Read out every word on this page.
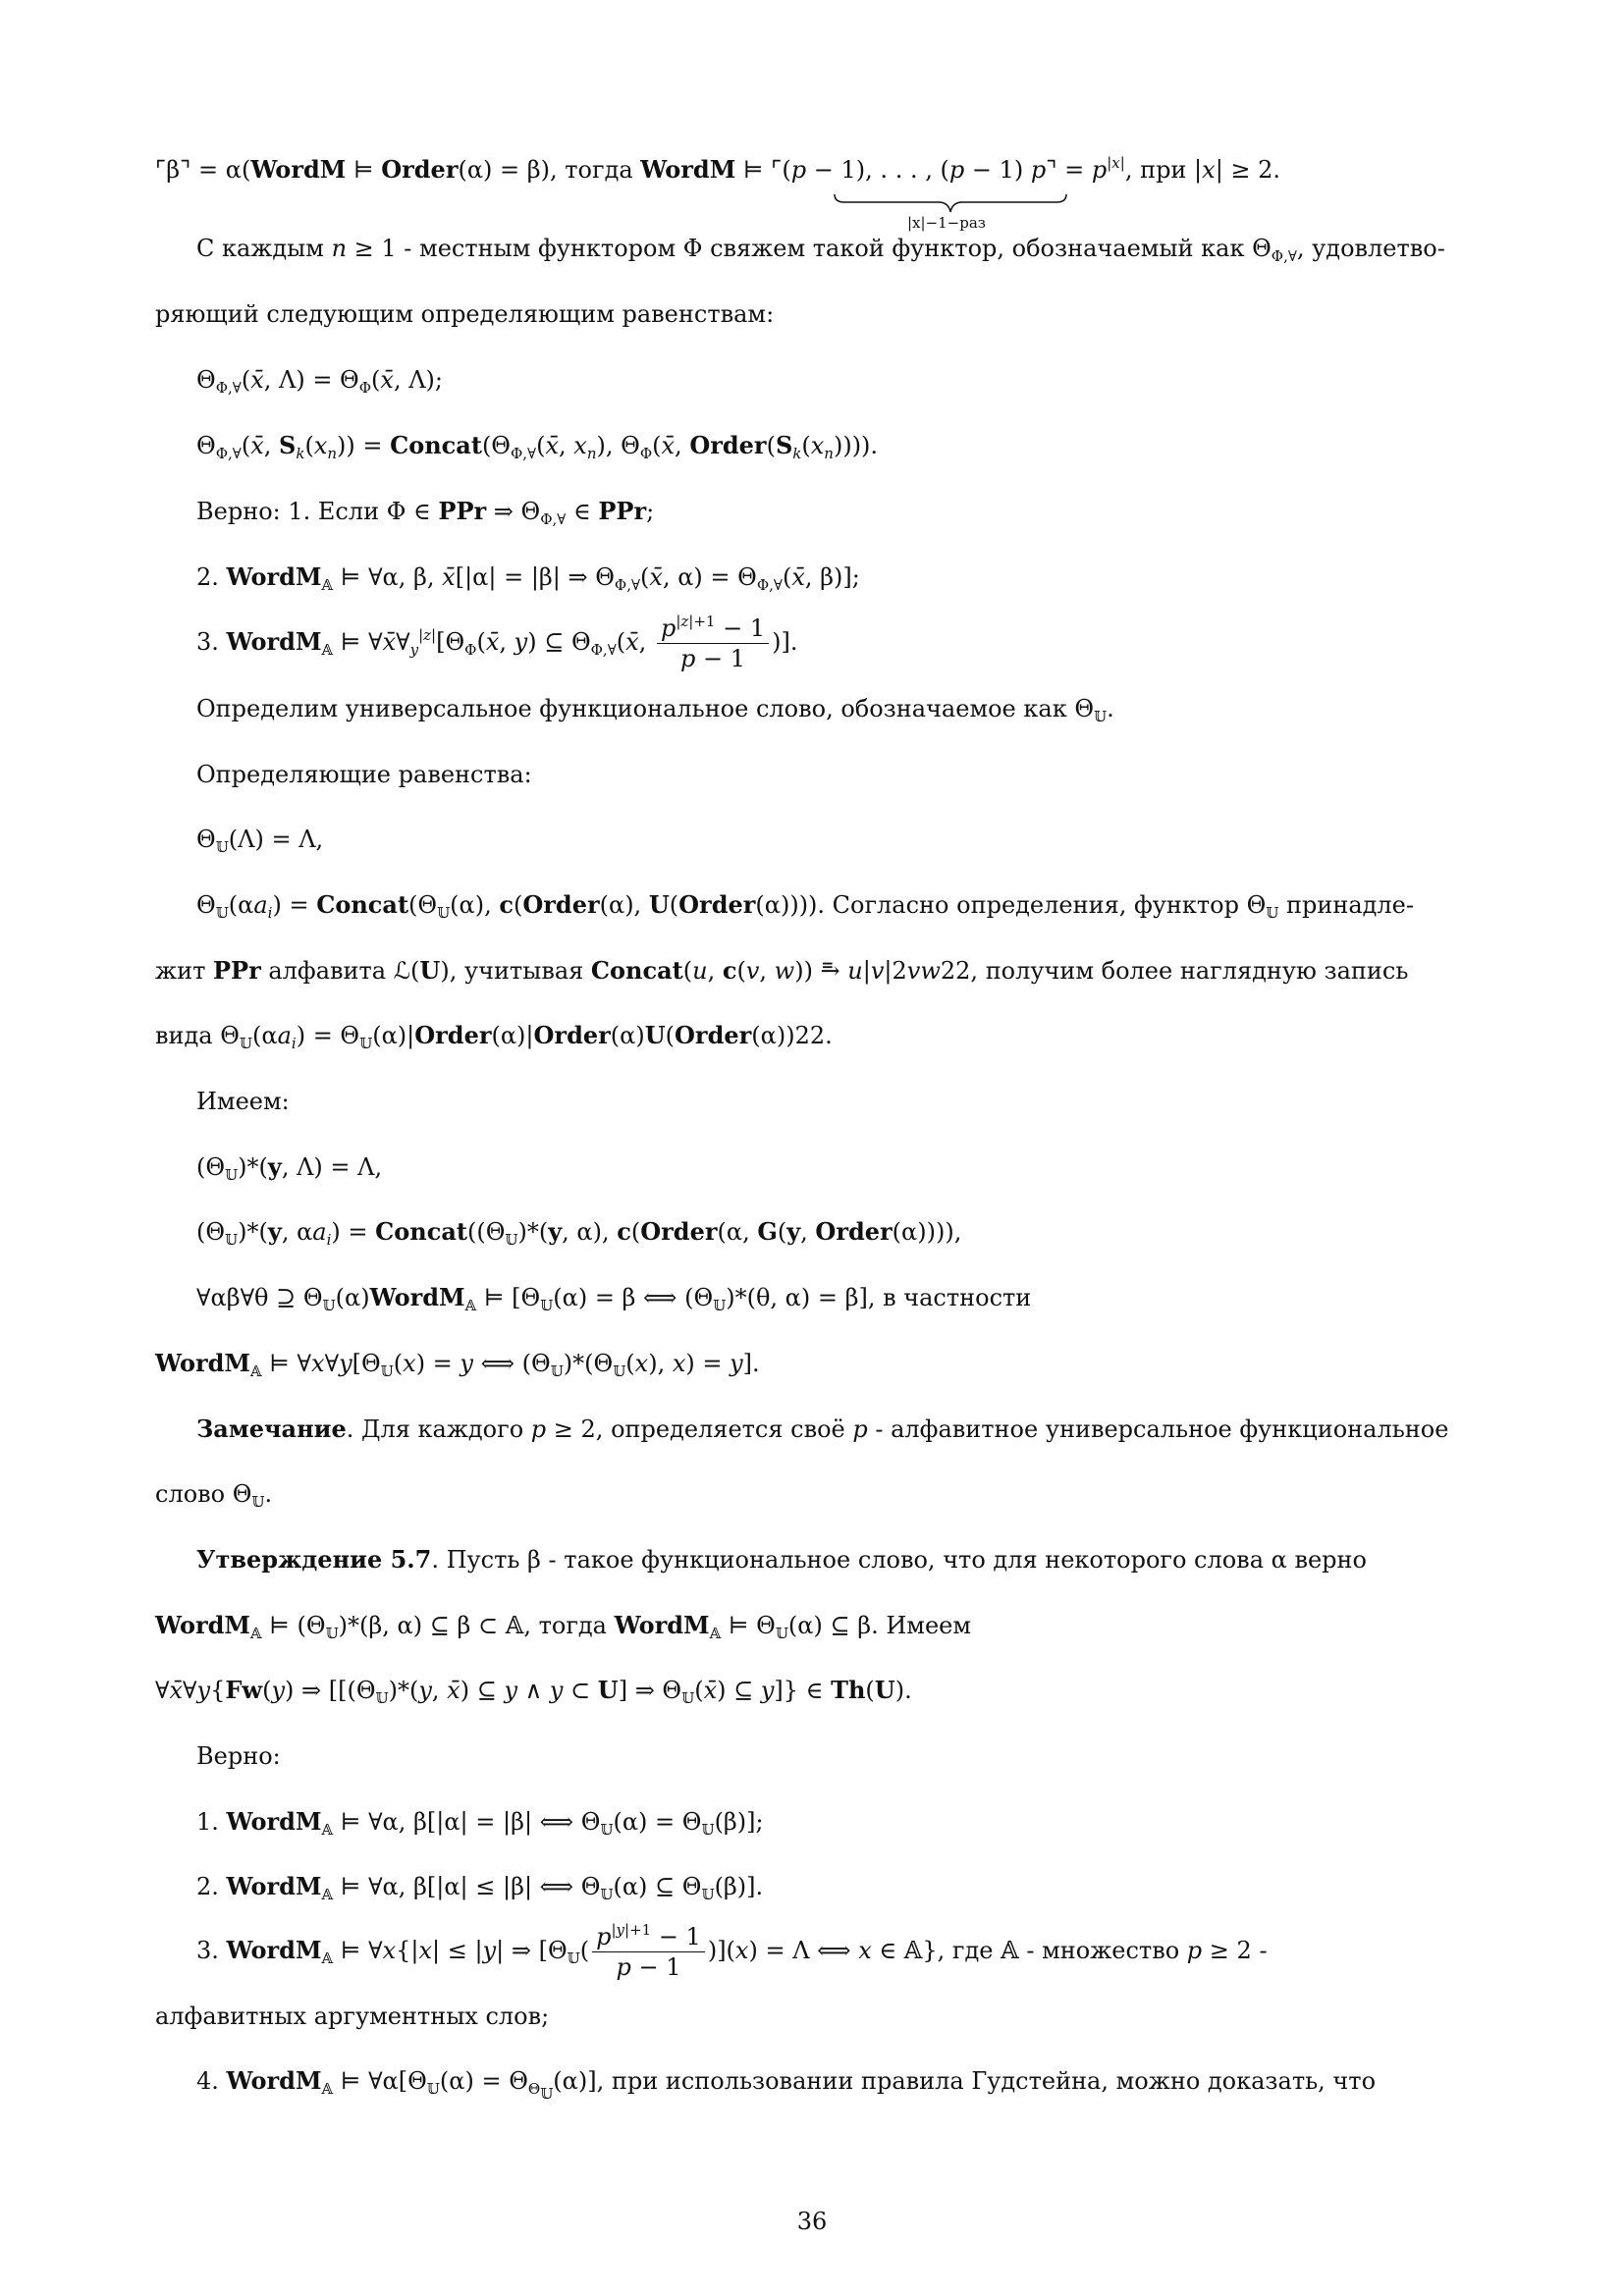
⌜β⌝ = α(WordM ⊨ Order(α) = β), тогда WordM ⊨ ⌜(p − 1), . . . , (p − 1) p⌝ = $p^{|x|}$, при |x| ≥ 2.
|x|−1−раз
С каждым n ≥ 1 - местным функтором Φ свяжем такой функтор, обозначаемый как $\Theta_{\Phi,\forall}$, удовлетво-
ряющий следующим определяющим равенствам:
$\Theta_{\Phi,\forall}(x̄$, $\Lambda) = \Theta_\Phi(x̄$, Λ);
$\Theta_{\Phi,\forall}(x̄$, $S_k(x_n)$) = $Concat(\Theta_{\Phi,\forall}(x̄$, $x_n$), $\Theta_\Phi(x̄$, $Order(S_k(x_n))$)).
Верно: 1. Если Φ ∈ PPr ⇒ $\Theta_{\Phi,\forall}$ ∈ PPr;
2. WordM$_𝔸$ ⊨ ∀α, β, x̄[|α| = |β| ⇒ $\Theta_{\Phi,\forall}(x̄$, $\alpha) = \Theta_{\Phi,\forall}(x̄$, β)];
3. WordM$_𝔸$ ⊨ $\forall x̄\forall_y^{|z|}[\Theta_\Phi(x̄$, y) ⊆ $\Theta_{\Phi,\forall}(x̄$, $\frac{p^{|z|+1} - 1}{p - 1}$ )].
Определим универсальное функциональное слово, обозначаемое как $\Theta_𝕌$.
Определяющие равенства:
$\Theta_𝕌(\Lambda) = \Lambda$,
$\Theta_𝕌(\alpha a_i)$ = $Concat(\Theta_𝕌(\alpha)$, c(Order(α), U(Order(α)))). Согласно определения, функтор $\Theta_𝕌$ принадле-
жит PPr алфавита ℒ(U), учитывая Concat(u, c(v, w)) ⥱ u|v|2vw22, получим более наглядную запись
вида $\Theta_𝕌(\alpha a_i)$ = $\Theta_𝕌(\alpha)|Order(\alpha)|Order(\alpha)U(Order(\alpha))22$.
Имеем:
$(\Theta_𝕌)*(y$, Λ) = Λ,
$(\Theta_𝕌)*(y$, $\alpha a_i$) = $Concat((\Theta_𝕌)*(y$, α), c(Order(α, G(y, Order(α)))),
∀αβ∀θ ⊇ $\Theta_𝕌(\alpha)WordM_𝔸$ ⊨ [$\Theta_𝕌(\alpha) = \beta$ ⟺ $(\Theta_𝕌)*(\theta$, α) = β], в частности
WordM$_𝔸$ ⊨ $\forall x\forall y[\Theta_𝕌(x) = y$ ⟺ $(\Theta_𝕌)*(\Theta_𝕌(x)$, x) = y].
Замечание. Для каждого p ≥ 2, определяется своё p - алфавитное универсальное функциональное
слово $\Theta_𝕌$.
Утверждение 5.7. Пусть β - такое функциональное слово, что для некоторого слова α верно
WordM$_𝔸$ ⊨ $(\Theta_𝕌)*(\beta$, α) ⊆ β ⊂ 𝔸, тогда WordM$_𝔸$ ⊨ $\Theta_𝕌(\alpha)$ ⊆ β. Имеем
∀x̄∀y{Fw(y) ⇒ [[$(\Theta_𝕌)*(y$, x̄) ⊆ y ∧ y ⊂ U] ⇒ $\Theta_𝕌(x̄)$ ⊆ y]} ∈ Th(U).
Верно:
1. WordM$_𝔸$ ⊨ ∀α, β[|α| = |β| ⟺ $\Theta_𝕌(\alpha) = \Theta_𝕌(\beta)$];
2. WordM$_𝔸$ ⊨ ∀α, β[|α| ≤ |β| ⟺ $\Theta_𝕌(\alpha)$ ⊆ $\Theta_𝕌(\beta)$].
3. WordM$_𝔸$ ⊨ ∀x{|x| ≤ |y| ⇒ $[\Theta_𝕌( \frac{p^{|y|+1} - 1}{p - 1} )](x) = \Lambda$ ⟺ x ∈ 𝔸}, где 𝔸 - множество p ≥ 2 -
алфавитных аргументных слов;
4. WordM$_𝔸$ ⊨ $\forall\alpha[\Theta_𝕌(\alpha) = \Theta_{\Theta_𝕌}(\alpha)]$, при использовании правила Гудстейна, можно доказать, что
36
